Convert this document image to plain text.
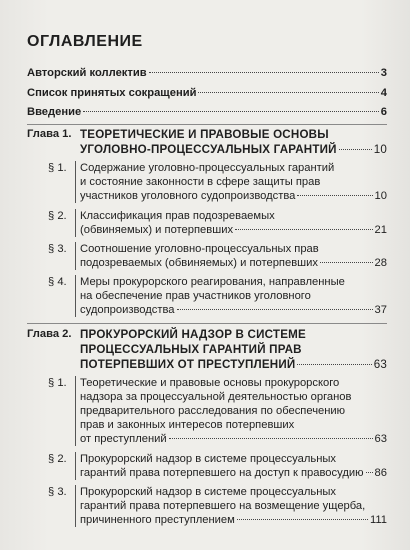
ОГЛАВЛЕНИЕ
Авторский коллектив	3
Список принятых сокращений	4
Введение	6
Глава 1. ТЕОРЕТИЧЕСКИЕ И ПРАВОВЫЕ ОСНОВЫ
УГОЛОВНО-ПРОЦЕССУАЛЬНЫХ ГАРАНТИЙ	10
§ 1. Содержание уголовно-процессуальных гарантий
и состояние законности в сфере защиты прав
участников уголовного судопроизводства	10
§ 2. Классификация прав подозреваемых
(обвиняемых) и потерпевших	21
§ 3. Соотношение уголовно-процессуальных прав
подозреваемых (обвиняемых) и потерпевших	28
§ 4. Меры прокурорского реагирования, направленные
на обеспечение прав участников уголовного
судопроизводства	37
Глава 2. ПРОКУРОРСКИЙ НАДЗОР В СИСТЕМЕ
ПРОЦЕССУАЛЬНЫХ ГАРАНТИЙ ПРАВ
ПОТЕРПЕВШИХ ОТ ПРЕСТУПЛЕНИЙ	63
§ 1. Теоретические и правовые основы прокурорского
надзора за процессуальной деятельностью органов
предварительного расследования по обеспечению
прав и законных интересов потерпевших
от преступлений	63
§ 2. Прокурорский надзор в системе процессуальных
гарантий права потерпевшего на доступ к правосудию 86
§ 3. Прокурорский надзор в системе процессуальных
гарантий права потерпевшего на возмещение ущерба,
причиненного преступлением	111
